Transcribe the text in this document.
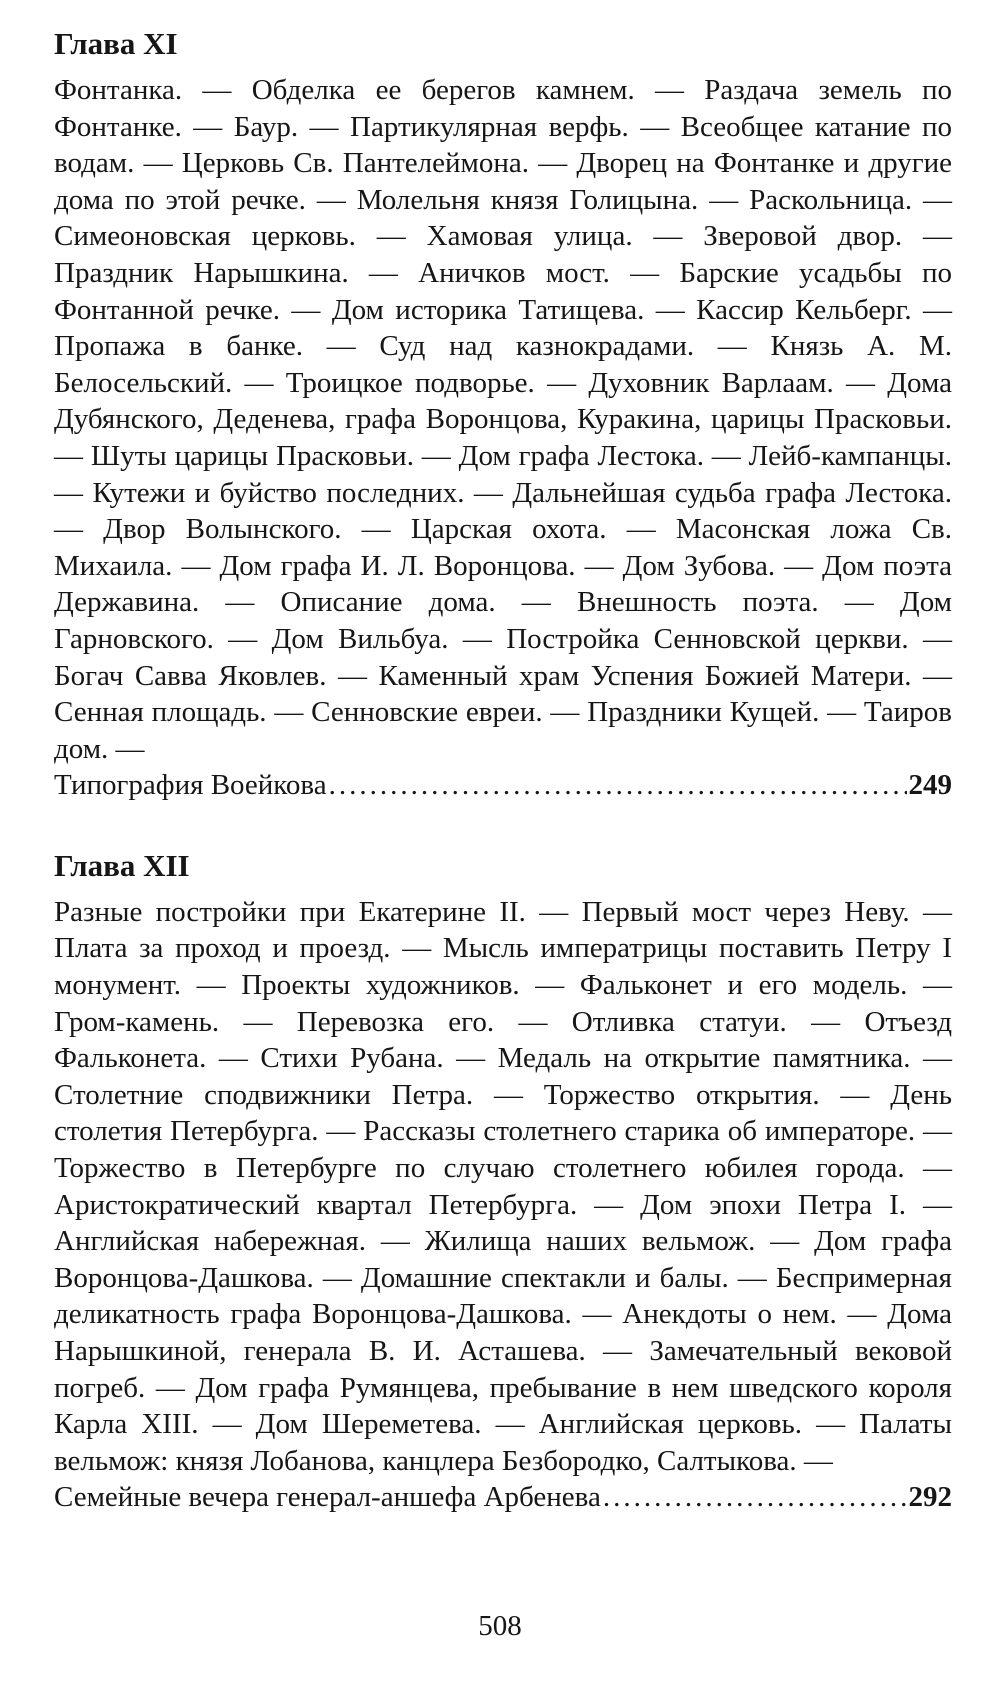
Глава XI

Фонтанка. — Обделка ее берегов камнем. — Раздача земель по Фонтанке. — Баур. — Партикулярная верфь. — Всеобщее катание по водам. — Церковь Св. Пантелеймона. — Дворец на Фонтанке и другие дома по этой речке. — Молельня князя Голицына. — Раскольница. — Симеоновская церковь. — Хамовая улица. — Зверовой двор. — Праздник Нарышкина. — Аничков мост. — Барские усадьбы по Фонтанной речке. — Дом историка Татищева. — Кассир Кельберг. — Пропажа в банке. — Суд над казнокрадами. — Князь А. М. Белосельский. — Троицкое подворье. — Духовник Варлаам. — Дома Дубянского, Деденева, графа Воронцова, Куракина, царицы Прасковьи. — Шуты царицы Прасковьи. — Дом графа Лестока. — Лейб-кампанцы. — Кутежи и буйство последних. — Дальнейшая судьба графа Лестока. — Двор Волынского. — Царская охота. — Масонская ложа Св. Михаила. — Дом графа И. Л. Воронцова. — Дом Зубова. — Дом поэта Державина. — Описание дома. — Внешность поэта. — Дом Гарновского. — Дом Вильбуа. — Постройка Сенновской церкви. — Богач Савва Яковлев. — Каменный храм Успения Божией Матери. — Сенная площадь. — Сенновские евреи. — Праздники Кущей. — Таиров дом. —

Типография Воейкова .....	249
Глава XII

Разные постройки при Екатерине II. — Первый мост через Неву. — Плата за проход и проезд. — Мысль императрицы поставить Петру I монумент. — Проекты художников. — Фальконет и его модель. — Гром-камень. — Перевозка его. — Отливка статуи. — Отъезд Фальконета. — Стихи Рубана. — Медаль на открытие памятника. — Столетние сподвижники Петра. — Торжество открытия. — День столетия Петербурга. — Рассказы столетнего старика об императоре. — Торжество в Петербурге по случаю столетнего юбилея города. — Аристократический квартал Петербурга. — Дом эпохи Петра I. — Английская набережная. — Жилища наших вельмож. — Дом графа Воронцова-Дашкова. — Домашние спектакли и балы. — Беспримерная деликатность графа Воронцова-Дашкова. — Анекдоты о нем. — Дома Нарышкиной, генерала В. И. Асташева. — Замечательный вековой погреб. — Дом графа Румянцева, пребывание в нем шведского короля Карла XIII. — Дом Шереметева. — Английская церковь. — Палаты вельмож: князя Лобанова, канцлера Безбородко, Салтыкова. —

Семейные вечера генерал-аншефа Арбенева .....	292
508
